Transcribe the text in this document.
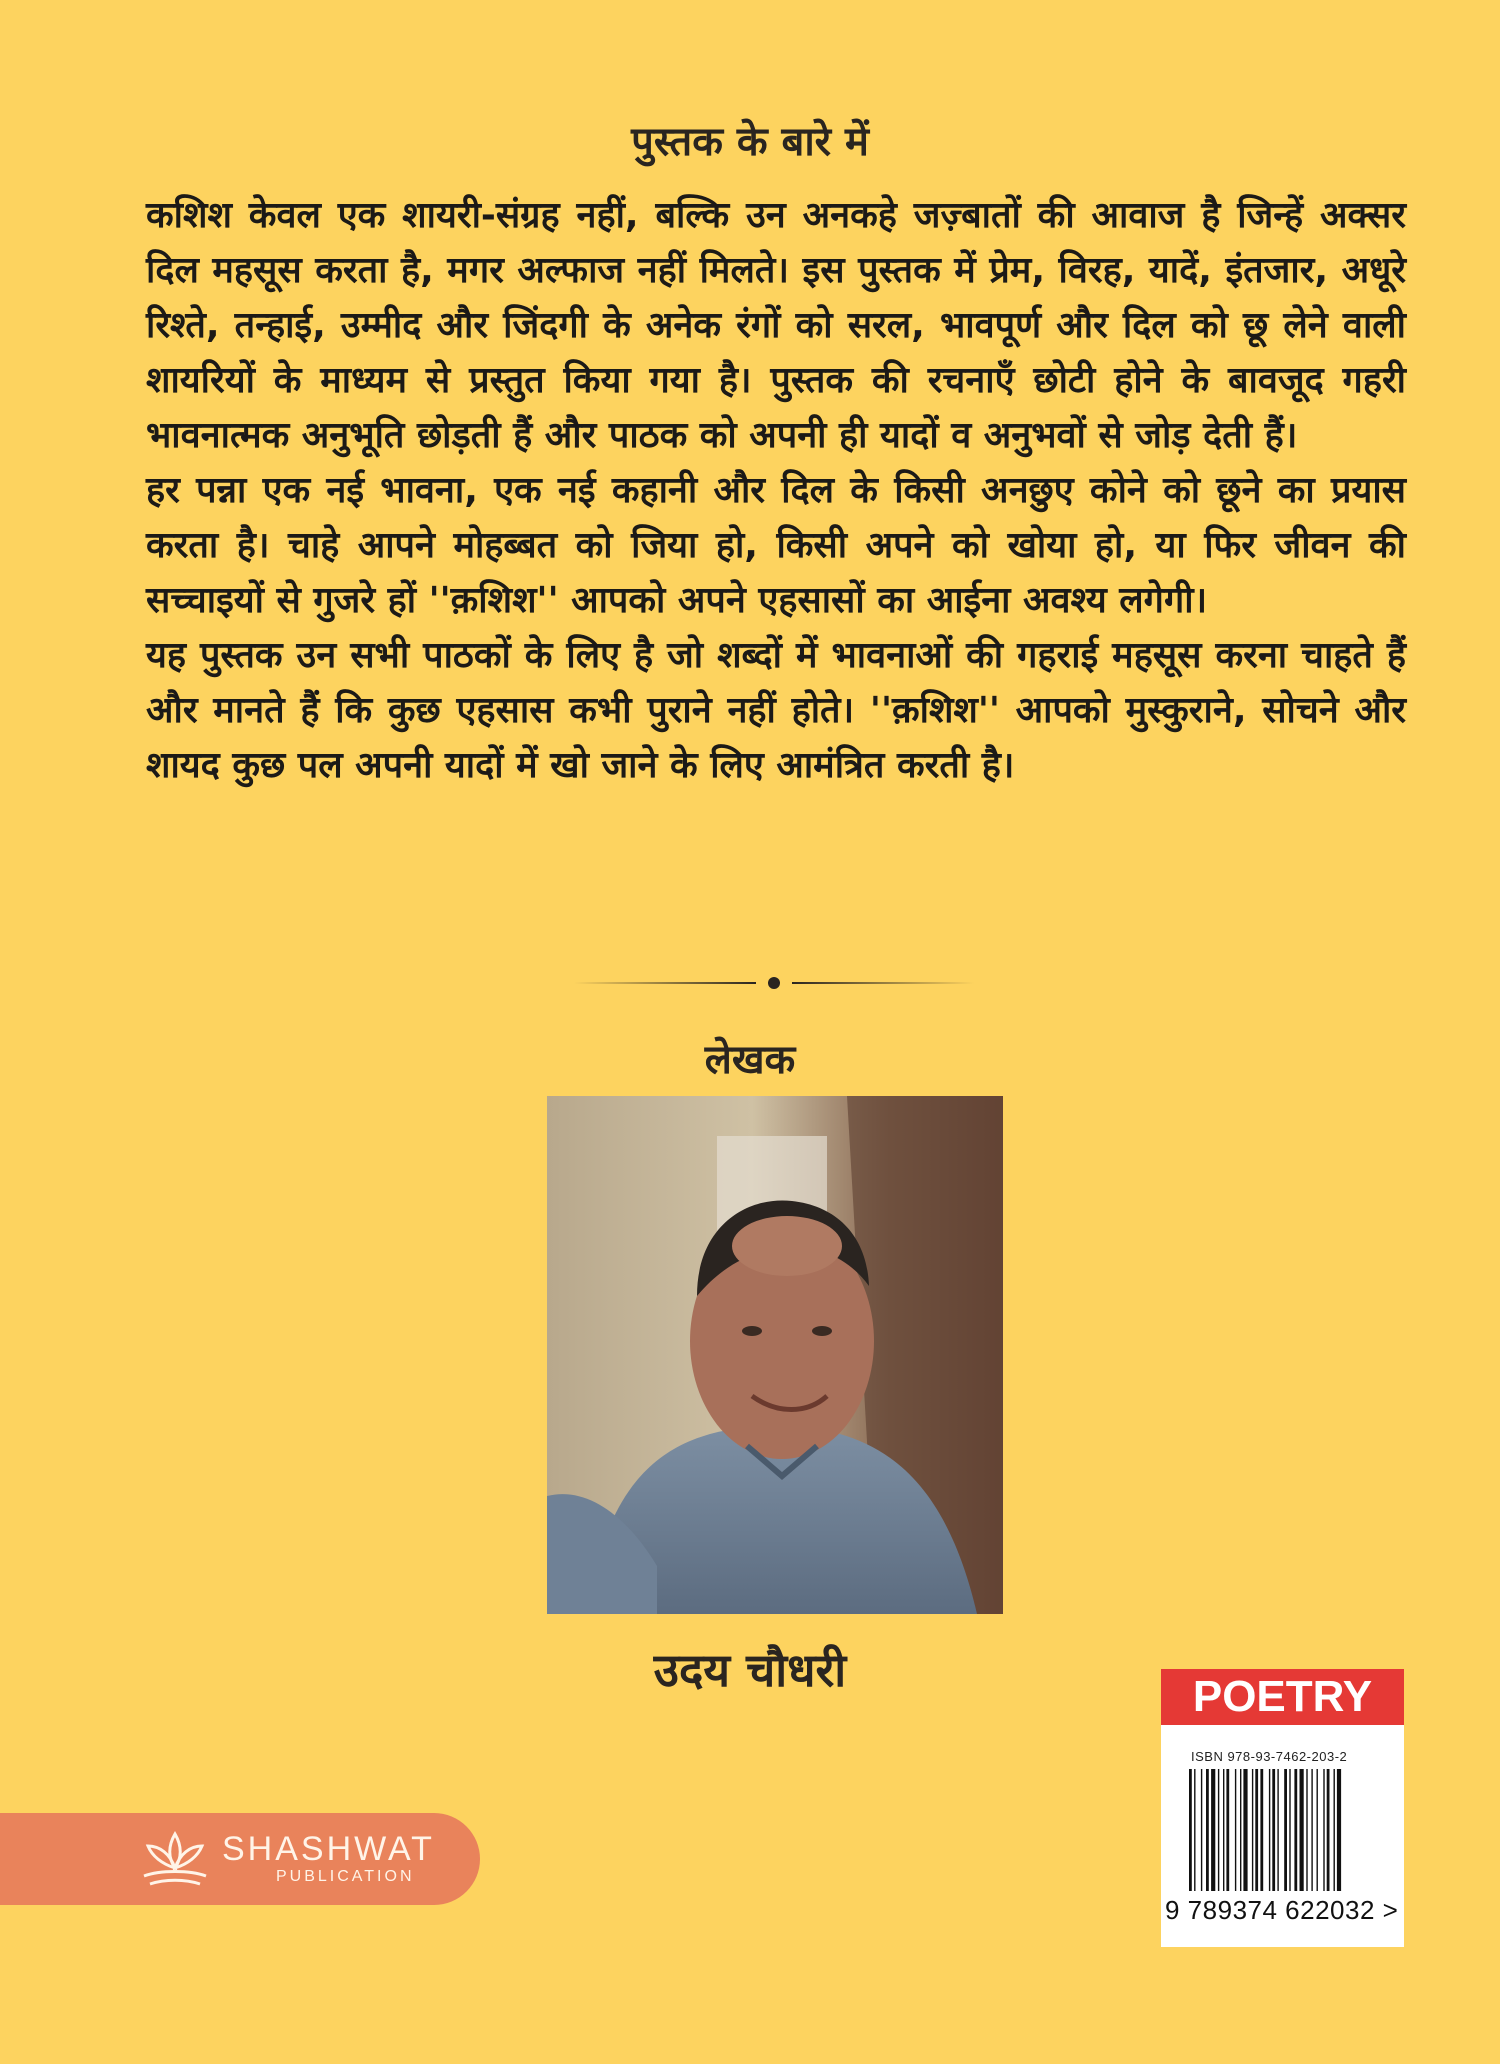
पुस्तक के बारे में

कशिश केवल एक शायरी-संग्रह नहीं, बल्कि उन अनकहे जज़्बातों की आवाज है जिन्हें अक्सर दिल महसूस करता है, मगर अल्फाज नहीं मिलते। इस पुस्तक में प्रेम, विरह, यादें, इंतजार, अधूरे रिश्ते, तन्हाई, उम्मीद और जिंदगी के अनेक रंगों को सरल, भावपूर्ण और दिल को छू लेने वाली शायरियों के माध्यम से प्रस्तुत किया गया है। पुस्तक की रचनाएँ छोटी होने के बावजूद गहरी भावनात्मक अनुभूति छोड़ती हैं और पाठक को अपनी ही यादों व अनुभवों से जोड़ देती हैं।

हर पन्ना एक नई भावना, एक नई कहानी और दिल के किसी अनछुए कोने को छूने का प्रयास करता है। चाहे आपने मोहब्बत को जिया हो, किसी अपने को खोया हो, या फिर जीवन की सच्चाइयों से गुजरे हों ''क़शिश'' आपको अपने एहसासों का आईना अवश्य लगेगी।

यह पुस्तक उन सभी पाठकों के लिए है जो शब्दों में भावनाओं की गहराई महसूस करना चाहते हैं और मानते हैं कि कुछ एहसास कभी पुराने नहीं होते। ''क़शिश'' आपको मुस्कुराने, सोचने और शायद कुछ पल अपनी यादों में खो जाने के लिए आमंत्रित करती है।

लेखक
उदय चौधरी	POETRY
ISBN 978-93-7462-203-2
9 789374 622032 >
SHASHWAT
PUBLICATION
